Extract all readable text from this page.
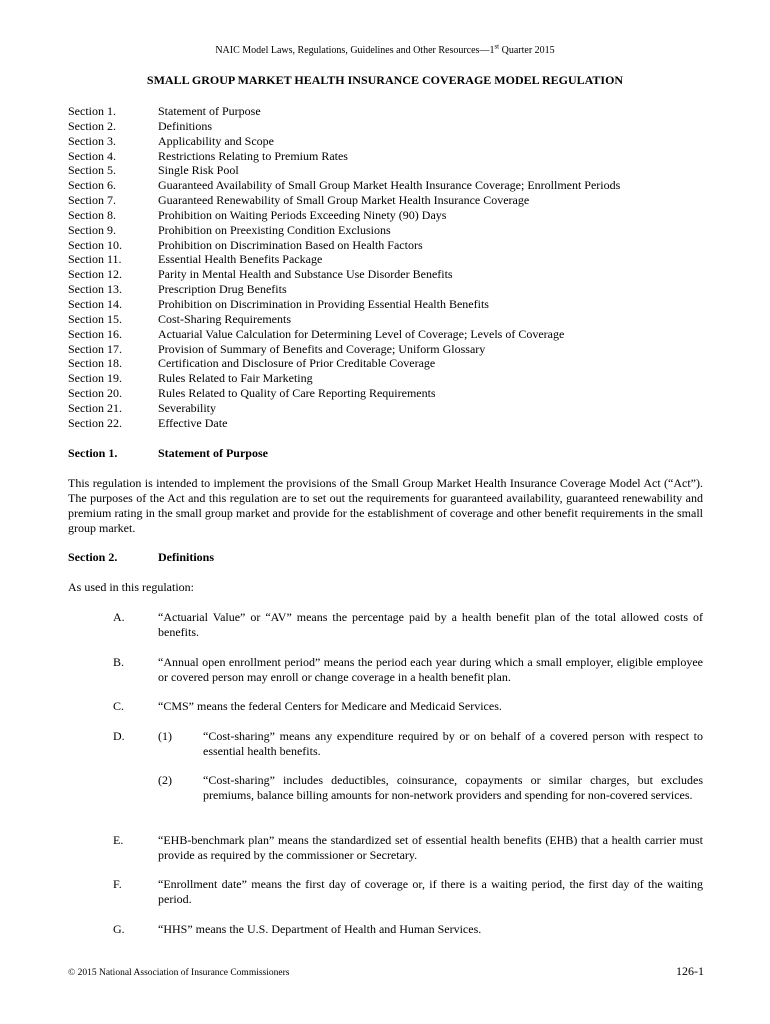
NAIC Model Laws, Regulations, Guidelines and Other Resources—1st Quarter 2015
SMALL GROUP MARKET HEALTH INSURANCE COVERAGE MODEL REGULATION
Section 1.	Statement of Purpose
Section 2.	Definitions
Section 3.	Applicability and Scope
Section 4.	Restrictions Relating to Premium Rates
Section 5.	Single Risk Pool
Section 6.	Guaranteed Availability of Small Group Market Health Insurance Coverage; Enrollment Periods
Section 7.	Guaranteed Renewability of Small Group Market Health Insurance Coverage
Section 8.	Prohibition on Waiting Periods Exceeding Ninety (90) Days
Section 9.	Prohibition on Preexisting Condition Exclusions
Section 10.	Prohibition on Discrimination Based on Health Factors
Section 11.	Essential Health Benefits Package
Section 12.	Parity in Mental Health and Substance Use Disorder Benefits
Section 13.	Prescription Drug Benefits
Section 14.	Prohibition on Discrimination in Providing Essential Health Benefits
Section 15.	Cost-Sharing Requirements
Section 16.	Actuarial Value Calculation for Determining Level of Coverage; Levels of Coverage
Section 17.	Provision of Summary of Benefits and Coverage; Uniform Glossary
Section 18.	Certification and Disclosure of Prior Creditable Coverage
Section 19.	Rules Related to Fair Marketing
Section 20.	Rules Related to Quality of Care Reporting Requirements
Section 21.	Severability
Section 22.	Effective Date
Section 1.	Statement of Purpose
This regulation is intended to implement the provisions of the Small Group Market Health Insurance Coverage Model Act (“Act”). The purposes of the Act and this regulation are to set out the requirements for guaranteed availability, guaranteed renewability and premium rating in the small group market and provide for the establishment of coverage and other benefit requirements in the small group market.
Section 2.	Definitions
As used in this regulation:
A.	“Actuarial Value” or “AV” means the percentage paid by a health benefit plan of the total allowed costs of benefits.
B.	“Annual open enrollment period” means the period each year during which a small employer, eligible employee or covered person may enroll or change coverage in a health benefit plan.
C.	“CMS” means the federal Centers for Medicare and Medicaid Services.
D.	(1)	“Cost-sharing” means any expenditure required by or on behalf of a covered person with respect to essential health benefits.
(2)	“Cost-sharing” includes deductibles, coinsurance, copayments or similar charges, but excludes premiums, balance billing amounts for non-network providers and spending for non-covered services.
E.	“EHB-benchmark plan” means the standardized set of essential health benefits (EHB) that a health carrier must provide as required by the commissioner or Secretary.
F.	“Enrollment date” means the first day of coverage or, if there is a waiting period, the first day of the waiting period.
G.	“HHS” means the U.S. Department of Health and Human Services.
© 2015 National Association of Insurance Commissioners	126-1
